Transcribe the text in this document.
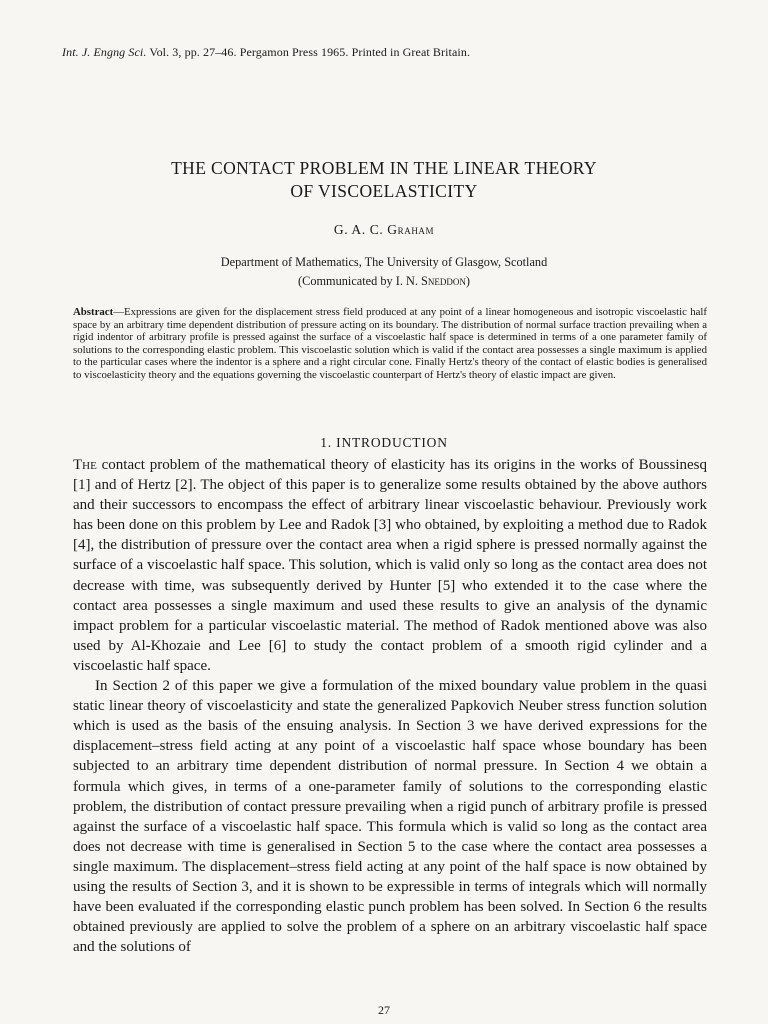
Int. J. Engng Sci. Vol. 3, pp. 27–46. Pergamon Press 1965. Printed in Great Britain.
THE CONTACT PROBLEM IN THE LINEAR THEORY
OF VISCOELASTICITY
G. A. C. Graham
Department of Mathematics, The University of Glasgow, Scotland
(Communicated by I. N. Sneddon)
Abstract—Expressions are given for the displacement stress field produced at any point of a linear homogeneous and isotropic viscoelastic half space by an arbitrary time dependent distribution of pressure acting on its boundary. The distribution of normal surface traction prevailing when a rigid indentor of arbitrary profile is pressed against the surface of a viscoelastic half space is determined in terms of a one parameter family of solutions to the corresponding elastic problem. This viscoelastic solution which is valid if the contact area possesses a single maximum is applied to the particular cases where the indentor is a sphere and a right circular cone. Finally Hertz's theory of the contact of elastic bodies is generalised to viscoelasticity theory and the equations governing the viscoelastic counterpart of Hertz's theory of elastic impact are given.
1. INTRODUCTION

The contact problem of the mathematical theory of elasticity has its origins in the works of Boussinesq [1] and of Hertz [2]. The object of this paper is to generalize some results obtained by the above authors and their successors to encompass the effect of arbitrary linear viscoelastic behaviour. Previously work has been done on this problem by Lee and Radok [3] who obtained, by exploiting a method due to Radok [4], the distribution of pressure over the contact area when a rigid sphere is pressed normally against the surface of a viscoelastic half space. This solution, which is valid only so long as the contact area does not decrease with time, was subsequently derived by Hunter [5] who extended it to the case where the contact area possesses a single maximum and used these results to give an analysis of the dynamic impact problem for a particular viscoelastic material. The method of Radok mentioned above was also used by Al-Khozaie and Lee [6] to study the contact problem of a smooth rigid cylinder and a viscoelastic half space.

In Section 2 of this paper we give a formulation of the mixed boundary value problem in the quasi static linear theory of viscoelasticity and state the generalized Papkovich Neuber stress function solution which is used as the basis of the ensuing analysis. In Section 3 we have derived expressions for the displacement–stress field acting at any point of a viscoelastic half space whose boundary has been subjected to an arbitrary time dependent distribution of normal pressure. In Section 4 we obtain a formula which gives, in terms of a one-parameter family of solutions to the corresponding elastic problem, the distribution of contact pressure prevailing when a rigid punch of arbitrary profile is pressed against the surface of a viscoelastic half space. This formula which is valid so long as the contact area does not decrease with time is generalised in Section 5 to the case where the contact area possesses a single maximum. The displacement–stress field acting at any point of the half space is now obtained by using the results of Section 3, and it is shown to be expressible in terms of integrals which will normally have been evaluated if the corresponding elastic punch problem has been solved. In Section 6 the results obtained previously are applied to solve the problem of a sphere on an arbitrary viscoelastic half space and the solutions of

27
